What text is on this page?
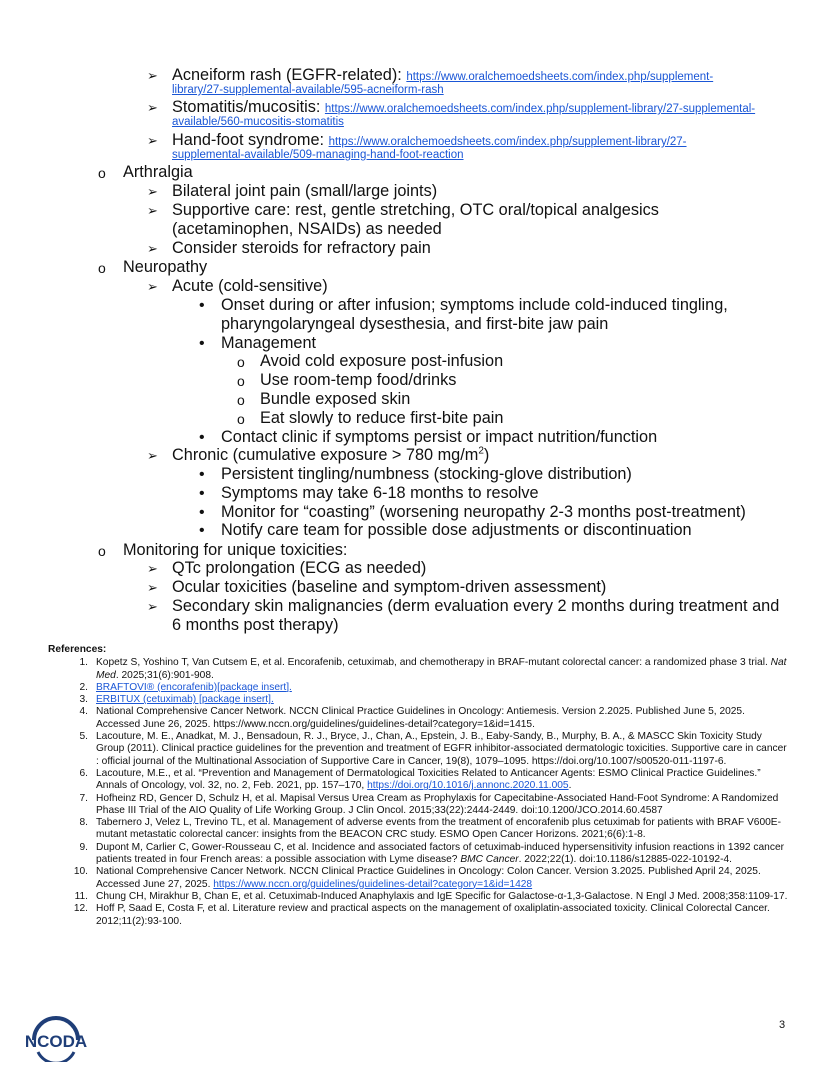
➢ Acneiform rash (EGFR-related): https://www.oralchemoedsheets.com/index.php/supplement-
library/27-supplemental-available/595-acneiform-rash
➢ Stomatitis/mucositis: https://www.oralchemoedsheets.com/index.php/supplement-library/27-supplemental-
available/560-mucositis-stomatitis
➢ Hand-foot syndrome: https://www.oralchemoedsheets.com/index.php/supplement-library/27-
supplemental-available/509-managing-hand-foot-reaction
o Arthralgia
➢ Bilateral joint pain (small/large joints)
➢ Supportive care: rest, gentle stretching, OTC oral/topical analgesics
(acetaminophen, NSAIDs) as needed
➢ Consider steroids for refractory pain
o Neuropathy
➢ Acute (cold-sensitive)
• Onset during or after infusion; symptoms include cold-induced tingling,
pharyngolaryngeal dysesthesia, and first-bite jaw pain
• Management
o Avoid cold exposure post-infusion
o Use room-temp food/drinks
o Bundle exposed skin
o Eat slowly to reduce first-bite pain
• Contact clinic if symptoms persist or impact nutrition/function
➢ Chronic (cumulative exposure > 780 $mg/m^2$)
• Persistent tingling/numbness (stocking-glove distribution)
• Symptoms may take 6-18 months to resolve
• Monitor for “coasting” (worsening neuropathy 2-3 months post-treatment)
• Notify care team for possible dose adjustments or discontinuation
o Monitoring for unique toxicities:
➢ QTc prolongation (ECG as needed)
➢ Ocular toxicities (baseline and symptom-driven assessment)
➢ Secondary skin malignancies (derm evaluation every 2 months during treatment and
6 months post therapy)
References:
1. Kopetz S, Yoshino T, Van Cutsem E, et al. Encorafenib, cetuximab, and chemotherapy in BRAF-mutant colorectal cancer: a randomized phase 3 trial. Nat Med. 2025;31(6):901-908.
2. BRAFTOVI® (encorafenib)[package insert].
3. ERBITUX (cetuximab) [package insert].
4. National Comprehensive Cancer Network. NCCN Clinical Practice Guidelines in Oncology: Antiemesis. Version 2.2025. Published June 5, 2025. Accessed June 26, 2025. https://www.nccn.org/guidelines/guidelines-detail?category=1&id=1415.
5. Lacouture, M. E., Anadkat, M. J., Bensadoun, R. J., Bryce, J., Chan, A., Epstein, J. B., Eaby-Sandy, B., Murphy, B. A., & MASCC Skin Toxicity Study Group (2011). Clinical practice guidelines for the prevention and treatment of EGFR inhibitor-associated dermatologic toxicities. Supportive care in cancer : official journal of the Multinational Association of Supportive Care in Cancer, 19(8), 1079–1095. https://doi.org/10.1007/s00520-011-1197-6.
6. Lacouture, M.E., et al. “Prevention and Management of Dermatological Toxicities Related to Anticancer Agents: ESMO Clinical Practice Guidelines.” Annals of Oncology, vol. 32, no. 2, Feb. 2021, pp. 157–170, https://doi.org/10.1016/j.annonc.2020.11.005.
7. Hofheinz RD, Gencer D, Schulz H, et al. Mapisal Versus Urea Cream as Prophylaxis for Capecitabine-Associated Hand-Foot Syndrome: A Randomized Phase III Trial of the AIO Quality of Life Working Group. J Clin Oncol. 2015;33(22):2444-2449. doi:10.1200/JCO.2014.60.4587
8. Tabernero J, Velez L, Trevino TL, et al. Management of adverse events from the treatment of encorafenib plus cetuximab for patients with BRAF V600E-mutant metastatic colorectal cancer: insights from the BEACON CRC study. ESMO Open Cancer Horizons. 2021;6(6):1-8.
9. Dupont M, Carlier C, Gower-Rousseau C, et al. Incidence and associated factors of cetuximab-induced hypersensitivity infusion reactions in 1392 cancer patients treated in four French areas: a possible association with Lyme disease? BMC Cancer. 2022;22(1). doi:10.1186/s12885-022-10192-4.
10. National Comprehensive Cancer Network. NCCN Clinical Practice Guidelines in Oncology: Colon Cancer. Version 3.2025. Published April 24, 2025. Accessed June 27, 2025. https://www.nccn.org/guidelines/guidelines-detail?category=1&id=1428
11. Chung CH, Mirakhur B, Chan E, et al. Cetuximab-Induced Anaphylaxis and IgE Specific for Galactose-α-1,3-Galactose. N Engl J Med. 2008;358:1109-17.
12. Hoff P, Saad E, Costa F, et al. Literature review and practical aspects on the management of oxaliplatin-associated toxicity. Clinical Colorectal Cancer. 2012;11(2):93-100.
NCODA
3
